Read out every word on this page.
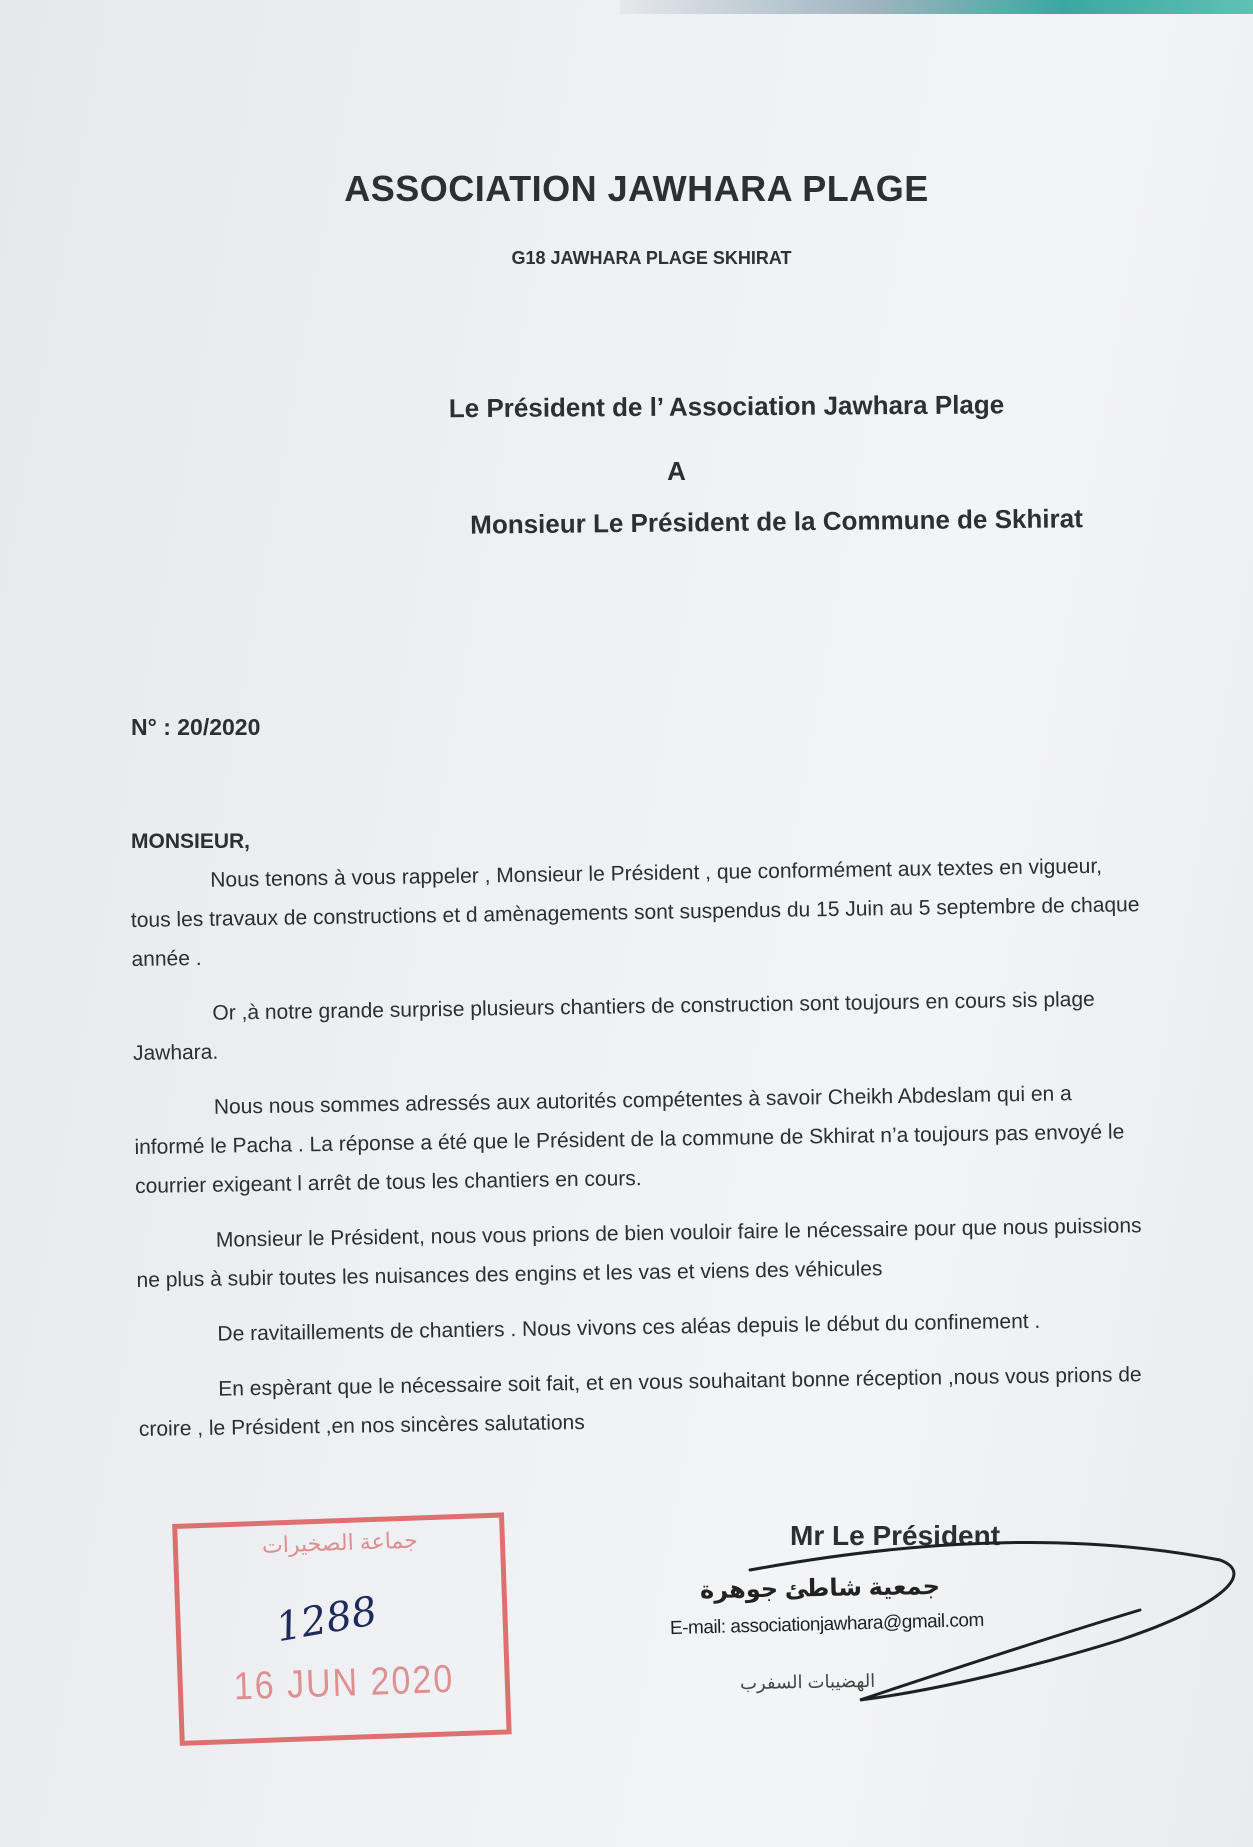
ASSOCIATION JAWHARA PLAGE
G18 JAWHARA PLAGE SKHIRAT
Le Président de l’ Association Jawhara Plage
A
Monsieur Le Président de la Commune de Skhirat
N° : 20/2020
MONSIEUR,

Nous tenons à vous rappeler , Monsieur le Président , que conformément aux textes en vigueur, tous les travaux de constructions et d amènagements sont suspendus du 15 Juin au 5 septembre de chaque année .

Or ,à notre grande surprise plusieurs chantiers de construction sont toujours en cours sis plage Jawhara.

Nous nous sommes adressés aux autorités compétentes à savoir Cheikh Abdeslam qui en a informé le Pacha . La réponse a été que le Président de la commune de Skhirat n’a toujours pas envoyé le courrier exigeant l arrêt de tous les chantiers en cours.

Monsieur le Président, nous vous prions de bien vouloir faire le nécessaire pour que nous puissions ne plus à subir toutes les nuisances des engins et les vas et viens des véhicules

De ravitaillements de chantiers . Nous vivons ces aléas depuis le début du confinement .

En espèrant que le nécessaire soit fait, et en vous souhaitant bonne réception ,nous vous prions de croire , le Président ,en nos sincères salutations

جماعة الصخيرات
1288
16 JUN 2020
Mr Le Président
جمعية شاطئ جوهرة
E-mail: associationjawhara@gmail.com
الهضيبات السفرب
